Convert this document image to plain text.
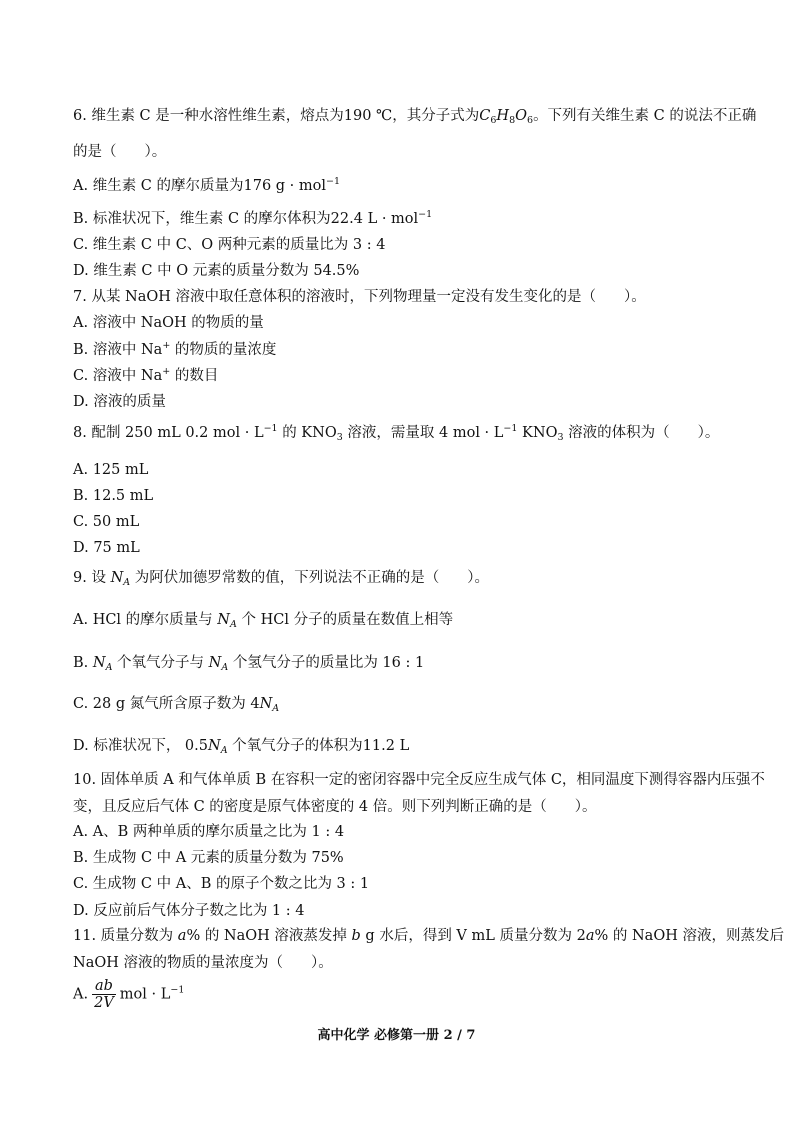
6. 维生素 C 是一种水溶性维生素，熔点为190 ℃，其分子式为$C_6H_8O_6$。下列有关维生素 C 的说法不正确
的是（ ）。
A. 维生素 C 的摩尔质量为176 g · mol$^{-1}$
B. 标准状况下，维生素 C 的摩尔体积为22.4 L · mol$^{-1}$
C. 维生素 C 中 C、O 两种元素的质量比为 3 : 4
D. 维生素 C 中 O 元素的质量分数为 54.5%
7. 从某 NaOH 溶液中取任意体积的溶液时，下列物理量一定没有发生变化的是（ ）。
A. 溶液中 NaOH 的物质的量
B. 溶液中 Na+ 的物质的量浓度
C. 溶液中 Na+ 的数目
D. 溶液的质量
8. 配制 250 mL 0.2 mol · $L^{-1}$ 的 $KNO_3$ 溶液，需量取 4 mol · $L^{-1}$ $KNO_3$ 溶液的体积为（ ）。
A. 125 mL
B. 12.5 mL
C. 50 mL
D. 75 mL
9. 设 $N_A$ 为阿伏加德罗常数的值，下列说法不正确的是（ ）。
A. HCl 的摩尔质量与 $N_A$ 个 HCl 分子的质量在数值上相等
B. $N_A$ 个氧气分子与 $N_A$ 个氢气分子的质量比为 16 : 1
C. 28 g 氮气所含原子数为 $4N_A$
D. 标准状况下， $0.5N_A$ 个氧气分子的体积为11.2 L
10. 固体单质 A 和气体单质 B 在容积一定的密闭容器中完全反应生成气体 C，相同温度下测得容器内压强不
变，且反应后气体 C 的密度是原气体密度的 4 倍。则下列判断正确的是（ ）。
A. A、B 两种单质的摩尔质量之比为 1 : 4
B. 生成物 C 中 A 元素的质量分数为 75%
C. 生成物 C 中 A、B 的原子个数之比为 3 : 1
D. 反应前后气体分子数之比为 1 : 4
11. 质量分数为 a% 的 NaOH 溶液蒸发掉 b g 水后，得到 V mL 质量分数为 2a% 的 NaOH 溶液，则蒸发后
NaOH 溶液的物质的量浓度为（ ）。
A. $\frac{ab}{2V}$ mol · $L^{-1}$
高中化学 必修第一册 2 / 7
